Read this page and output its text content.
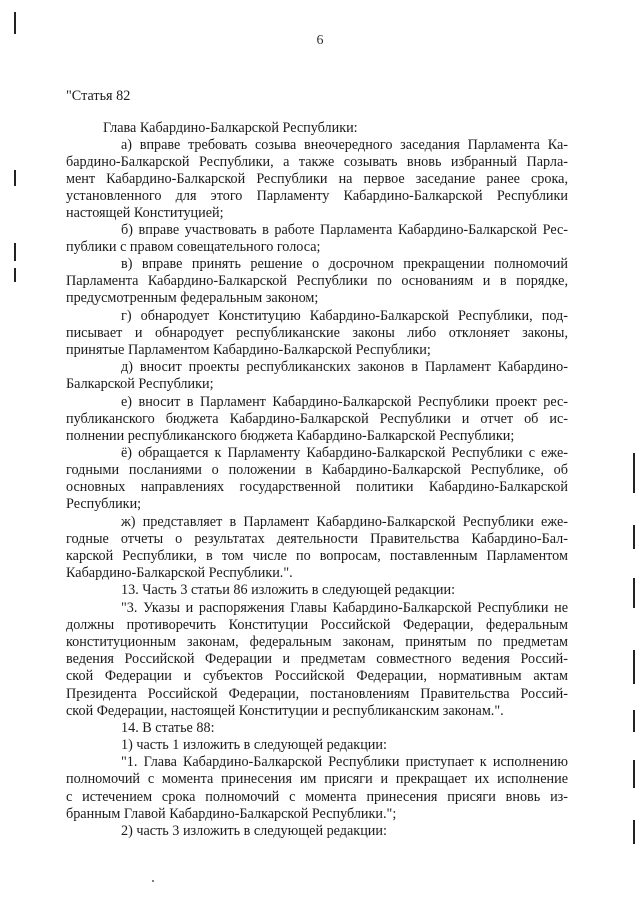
6
"Статья 82
Глава Кабардино-Балкарской Республики:
а) вправе требовать созыва внеочередного заседания Парламента Ка-
бардино-Балкарской Республики, а также созывать вновь избранный Парла-
мент Кабардино-Балкарской Республики на первое заседание ранее срока,
установленного для этого Парламенту Кабардино-Балкарской Республики
настоящей Конституцией;
б) вправе участвовать в работе Парламента Кабардино-Балкарской Рес-
публики с правом совещательного голоса;
в) вправе принять решение о досрочном прекращении полномочий
Парламента Кабардино-Балкарской Республики по основаниям и в порядке,
предусмотренным федеральным законом;
г) обнародует Конституцию Кабардино-Балкарской Республики, под-
писывает и обнародует республиканские законы либо отклоняет законы,
принятые Парламентом Кабардино-Балкарской Республики;
д) вносит проекты республиканских законов в Парламент Кабардино-
Балкарской Республики;
е) вносит в Парламент Кабардино-Балкарской Республики проект рес-
публиканского бюджета Кабардино-Балкарской Республики и отчет об ис-
полнении республиканского бюджета Кабардино-Балкарской Республики;
ё) обращается к Парламенту Кабардино-Балкарской Республики с еже-
годными посланиями о положении в Кабардино-Балкарской Республике, об
основных направлениях государственной политики Кабардино-Балкарской
Республики;
ж) представляет в Парламент Кабардино-Балкарской Республики еже-
годные отчеты о результатах деятельности Правительства Кабардино-Бал-
карской Республики, в том числе по вопросам, поставленным Парламентом
Кабардино-Балкарской Республики.".
13. Часть 3 статьи 86 изложить в следующей редакции:
"3. Указы и распоряжения Главы Кабардино-Балкарской Республики не
должны противоречить Конституции Российской Федерации, федеральным
конституционным законам, федеральным законам, принятым по предметам
ведения Российской Федерации и предметам совместного ведения Россий-
ской Федерации и субъектов Российской Федерации, нормативным актам
Президента Российской Федерации, постановлениям Правительства Россий-
ской Федерации, настоящей Конституции и республиканским законам.".
14. В статье 88:
1) часть 1 изложить в следующей редакции:
"1. Глава Кабардино-Балкарской Республики приступает к исполнению
полномочий с момента принесения им присяги и прекращает их исполнение
с истечением срока полномочий с момента принесения присяги вновь из-
бранным Главой Кабардино-Балкарской Республики.";
2) часть 3 изложить в следующей редакции:
